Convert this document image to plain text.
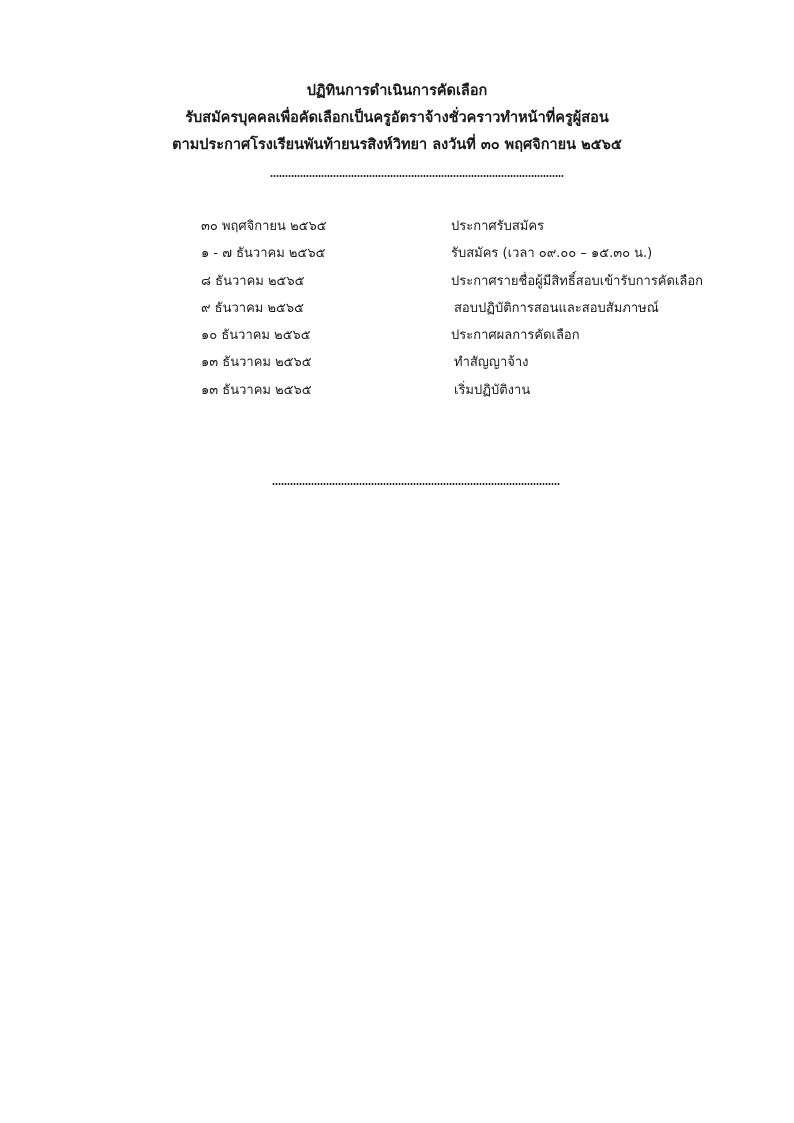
ปฏิทินการดำเนินการคัดเลือก
รับสมัครบุคคลเพื่อคัดเลือกเป็นครูอัตราจ้างชั่วคราวทำหน้าที่ครูผู้สอน
ตามประกาศโรงเรียนพันท้ายนรสิงห์วิทยา ลงวันที่ ๓๐ พฤศจิกายน ๒๕๖๕
๓๐ พฤศจิกายน ๒๕๖๕	ประกาศรับสมัคร
๑ - ๗ ธันวาคม ๒๕๖๕	รับสมัคร (เวลา ๐๙.๐๐ – ๑๕.๓๐ น.)
๘ ธันวาคม ๒๕๖๕	ประกาศรายชื่อผู้มีสิทธิ์สอบเข้ารับการคัดเลือก
๙ ธันวาคม ๒๕๖๕	สอบปฏิบัติการสอนและสอบสัมภาษณ์
๑๐ ธันวาคม ๒๕๖๕	ประกาศผลการคัดเลือก
๑๓ ธันวาคม ๒๕๖๕	ทำสัญญาจ้าง
๑๓ ธันวาคม ๒๕๖๕	เริ่มปฏิบัติงาน
